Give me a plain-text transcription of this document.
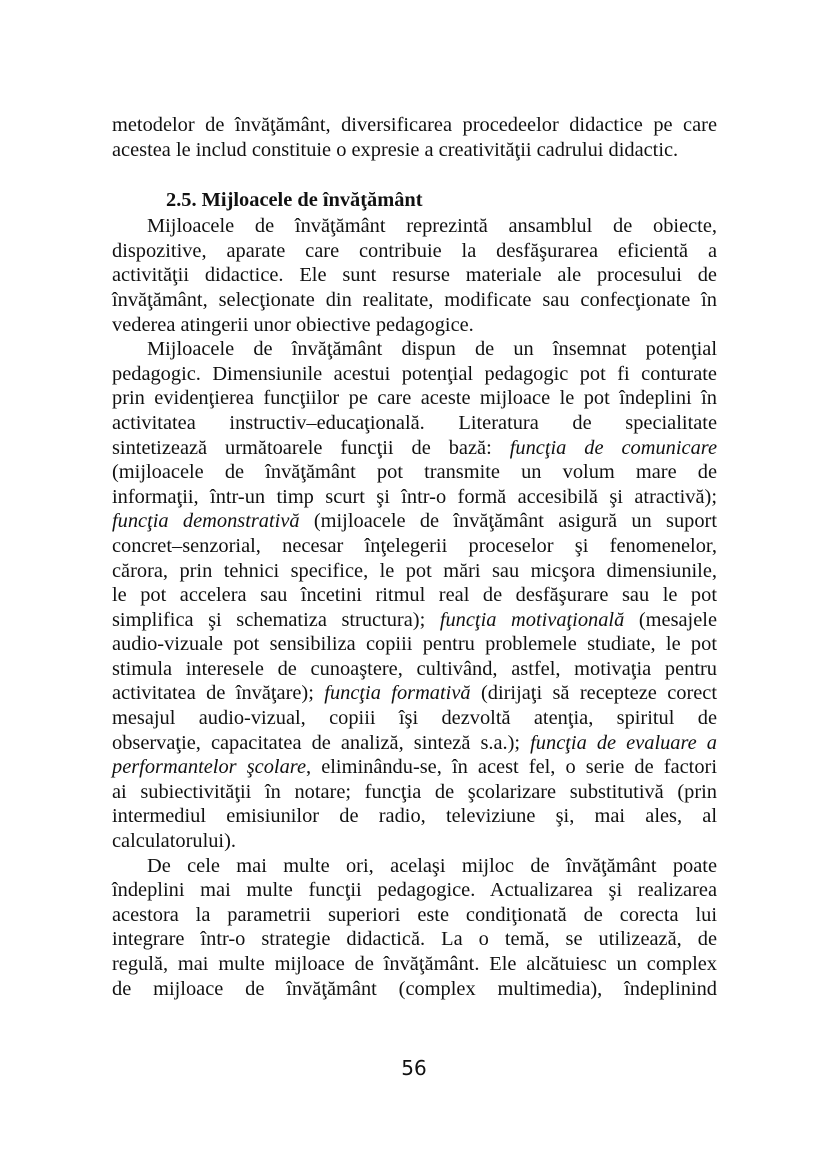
metodelor de învăţământ, diversificarea procedeelor didactice pe care
acestea le includ constituie o expresie a creativităţii cadrului didactic.
2.5. Mijloacele de învăţământ
Mijloacele de învăţământ reprezintă ansamblul de obiecte,
dispozitive, aparate care contribuie la desfăşurarea eficientă a
activităţii didactice. Ele sunt resurse materiale ale procesului de
învăţământ, selecţionate din realitate, modificate sau confecţionate în
vederea atingerii unor obiective pedagogice.
Mijloacele de învăţământ dispun de un însemnat potenţial
pedagogic. Dimensiunile acestui potenţial pedagogic pot fi conturate
prin evidenţierea funcţiilor pe care aceste mijloace le pot îndeplini în
activitatea instructiv–educaţională. Literatura de specialitate
sintetizează următoarele funcţii de bază: funcţia de comunicare
(mijloacele de învăţământ pot transmite un volum mare de
informaţii, într-un timp scurt şi într-o formă accesibilă şi atractivă);
funcţia demonstrativă (mijloacele de învăţământ asigură un suport
concret–senzorial, necesar înţelegerii proceselor şi fenomenelor,
cărora, prin tehnici specifice, le pot mări sau micşora dimensiunile,
le pot accelera sau încetini ritmul real de desfăşurare sau le pot
simplifica şi schematiza structura); funcţia motivaţională (mesajele
audio-vizuale pot sensibiliza copiii pentru problemele studiate, le pot
stimula interesele de cunoaştere, cultivând, astfel, motivaţia pentru
activitatea de învăţare); funcţia formativă (dirijaţi să recepteze corect
mesajul audio-vizual, copiii îşi dezvoltă atenţia, spiritul de
observaţie, capacitatea de analiză, sinteză s.a.); funcţia de evaluare a
performantelor şcolare, eliminându-se, în acest fel, o serie de factori
ai subiectivităţii în notare; funcţia de şcolarizare substitutivă (prin
intermediul emisiunilor de radio, televiziune şi, mai ales, al
calculatorului).
De cele mai multe ori, acelaşi mijloc de învăţământ poate
îndeplini mai multe funcţii pedagogice. Actualizarea şi realizarea
acestora la parametrii superiori este condiţionată de corecta lui
integrare într-o strategie didactică. La o temă, se utilizează, de
regulă, mai multe mijloace de învăţământ. Ele alcătuiesc un complex
de mijloace de învăţământ (complex multimedia), îndeplinind
56
